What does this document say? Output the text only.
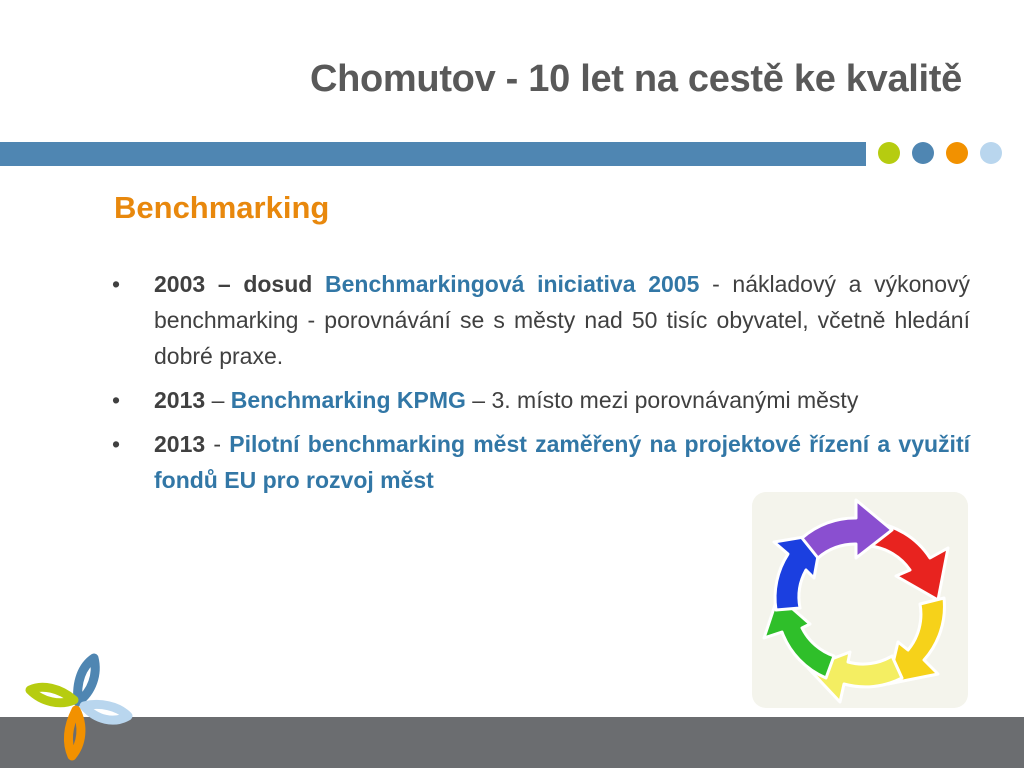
Chomutov - 10 let na cestě ke kvalitě
Benchmarking
• 2003 – dosud Benchmarkingová iniciativa 2005 - nákladový a výkonový benchmarking - porovnávání se s městy nad 50 tisíc obyvatel, včetně hledání dobré praxe.
• 2013 – Benchmarking KPMG – 3. místo mezi porovnávanými městy
• 2013 - Pilotní benchmarking měst zaměřený na projektové řízení a využití fondů EU pro rozvoj měst
